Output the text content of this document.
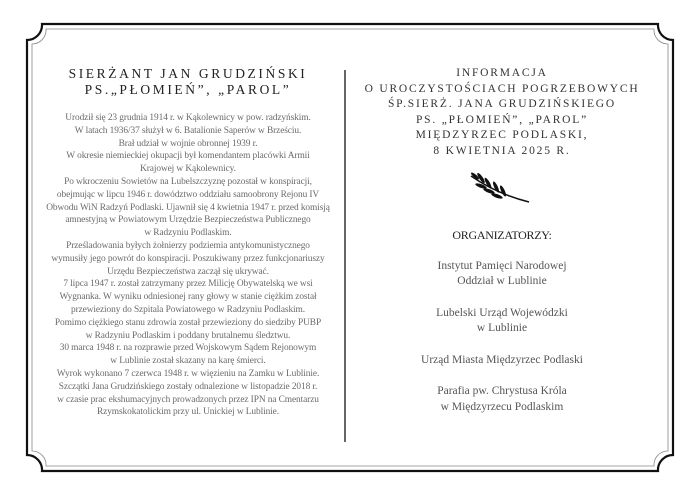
SIERŻANT JAN GRUDZIŃSKI
PS.„PŁOMIEŃ”, „PAROL”
Urodził się 23 grudnia 1914 r. w Kąkolewnicy w pow. radzyńskim.
W latach 1936/37 służył w 6. Batalionie Saperów w Brześciu.
Brał udział w wojnie obronnej 1939 r.
W okresie niemieckiej okupacji był komendantem placówki Armii
Krajowej w Kąkolewnicy.
Po wkroczeniu Sowietów na Lubelszczyznę pozostał w konspiracji,
obejmując w lipcu 1946 r. dowództwo oddziału samoobrony Rejonu IV
Obwodu WiN Radzyń Podlaski. Ujawnił się 4 kwietnia 1947 r. przed komisją
amnestyjną w Powiatowym Urzędzie Bezpieczeństwa Publicznego
w Radzyniu Podlaskim.
Prześladowania byłych żołnierzy podziemia antykomunistycznego
wymusiły jego powrót do konspiracji. Poszukiwany przez funkcjonariuszy
Urzędu Bezpieczeństwa zaczął się ukrywać.
7 lipca 1947 r. został zatrzymany przez Milicję Obywatelską we wsi
Wygnanka. W wyniku odniesionej rany głowy w stanie ciężkim został
przewieziony do Szpitala Powiatowego w Radzyniu Podlaskim.
Pomimo ciężkiego stanu zdrowia został przewieziony do siedziby PUBP
w Radzyniu Podlaskim i poddany brutalnemu śledztwu.
30 marca 1948 r. na rozprawie przed Wojskowym Sądem Rejonowym
w Lublinie został skazany na karę śmierci.
Wyrok wykonano 7 czerwca 1948 r. w więzieniu na Zamku w Lublinie.
Szczątki Jana Grudzińskiego zostały odnalezione w listopadzie 2018 r.
w czasie prac ekshumacyjnych prowadzonych przez IPN na Cmentarzu
Rzymskokatolickim przy ul. Unickiej w Lublinie.
INFORMACJA
O UROCZYSTOŚCIACH POGRZEBOWYCH
ŚP.SIERŻ. JANA GRUDZIŃSKIEGO
PS. „PŁOMIEŃ”, „PAROL”
MIĘDZYRZEC PODLASKI,
8 KWIETNIA 2025 R.
ORGANIZATORZY:
Instytut Pamięci Narodowej
Oddział w Lublinie
Lubelski Urząd Wojewódzki
w Lublinie
Urząd Miasta Międzyrzec Podlaski
Parafia pw. Chrystusa Króla
w Międzyrzecu Podlaskim
